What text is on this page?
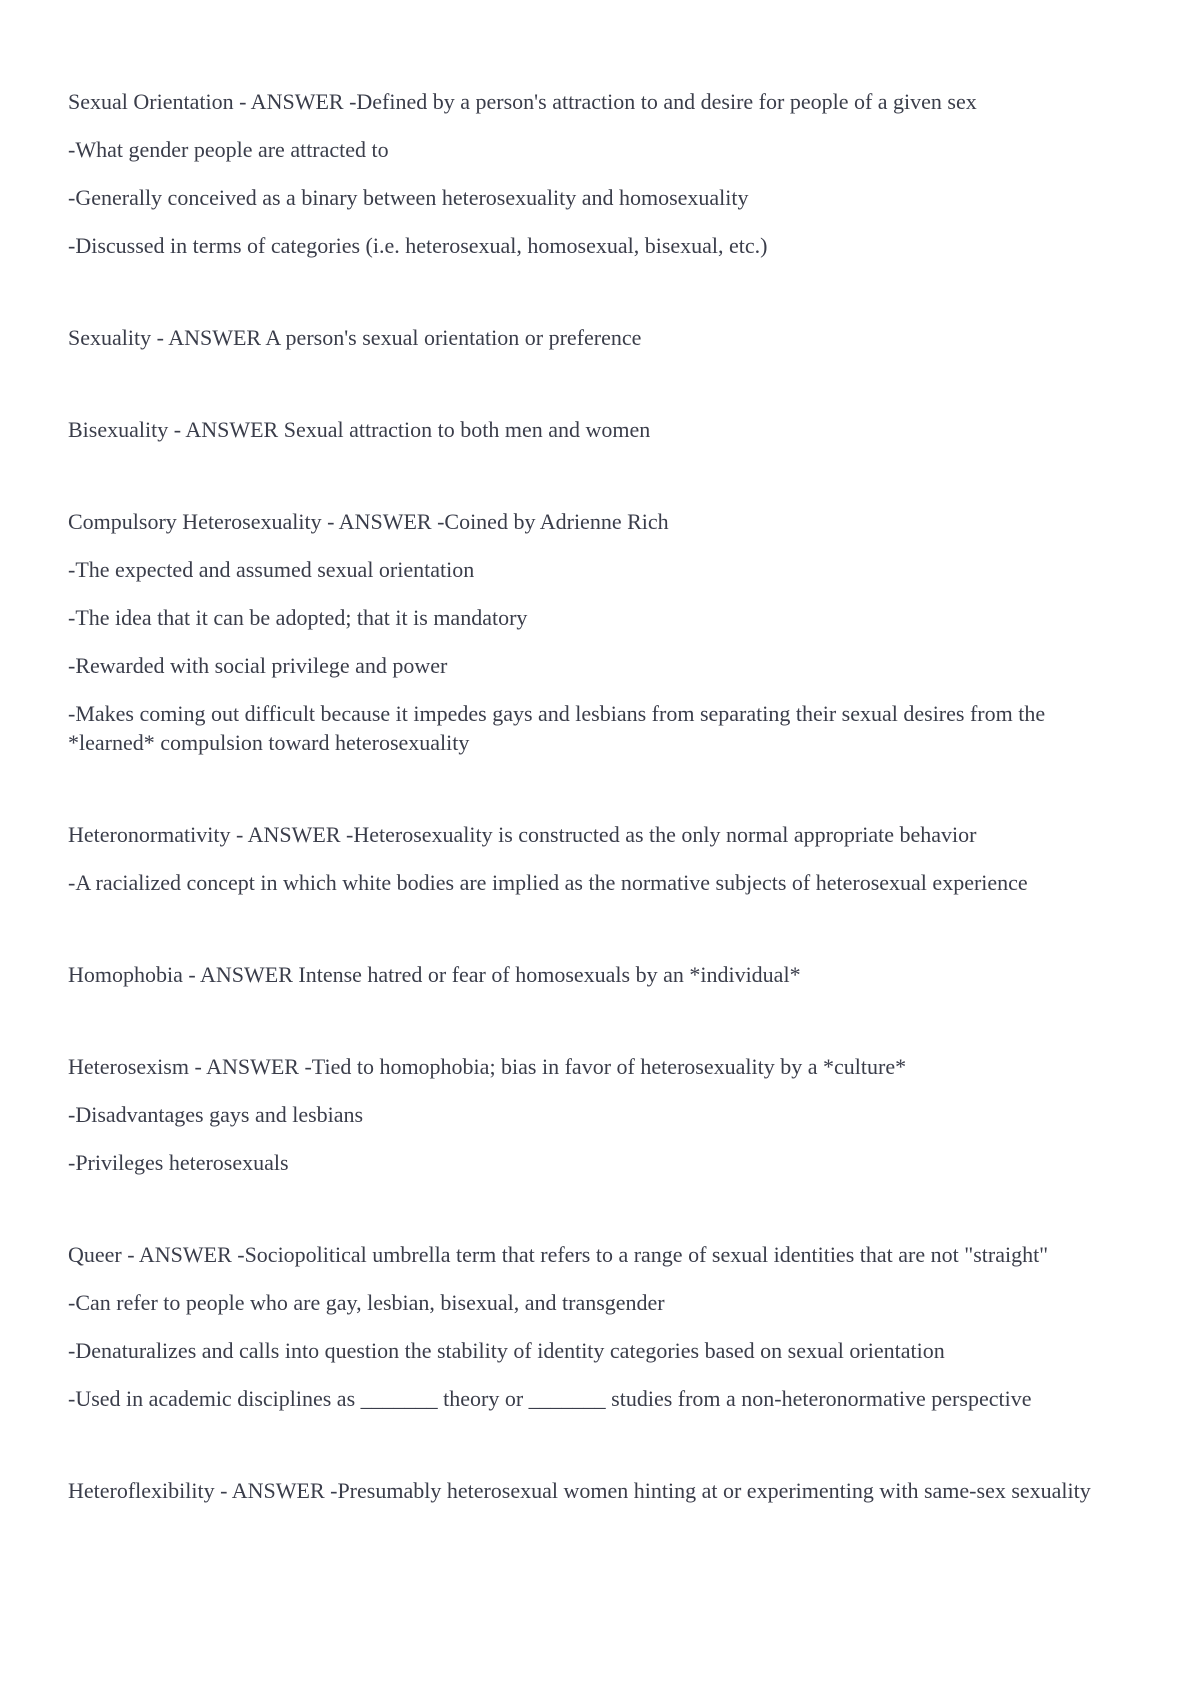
Sexual Orientation - ANSWER -Defined by a person's attraction to and desire for people of a given sex

-What gender people are attracted to

-Generally conceived as a binary between heterosexuality and homosexuality

-Discussed in terms of categories (i.e. heterosexual, homosexual, bisexual, etc.)

Sexuality - ANSWER A person's sexual orientation or preference

Bisexuality - ANSWER Sexual attraction to both men and women

Compulsory Heterosexuality - ANSWER -Coined by Adrienne Rich

-The expected and assumed sexual orientation

-The idea that it can be adopted; that it is mandatory

-Rewarded with social privilege and power

-Makes coming out difficult because it impedes gays and lesbians from separating their sexual desires from the *learned* compulsion toward heterosexuality

Heteronormativity - ANSWER -Heterosexuality is constructed as the only normal appropriate behavior

-A racialized concept in which white bodies are implied as the normative subjects of heterosexual experience

Homophobia - ANSWER Intense hatred or fear of homosexuals by an *individual*

Heterosexism - ANSWER -Tied to homophobia; bias in favor of heterosexuality by a *culture*

-Disadvantages gays and lesbians

-Privileges heterosexuals

Queer - ANSWER -Sociopolitical umbrella term that refers to a range of sexual identities that are not "straight"

-Can refer to people who are gay, lesbian, bisexual, and transgender

-Denaturalizes and calls into question the stability of identity categories based on sexual orientation

-Used in academic disciplines as _______ theory or _______ studies from a non-heteronormative perspective

Heteroflexibility - ANSWER -Presumably heterosexual women hinting at or experimenting with same-sex sexuality
